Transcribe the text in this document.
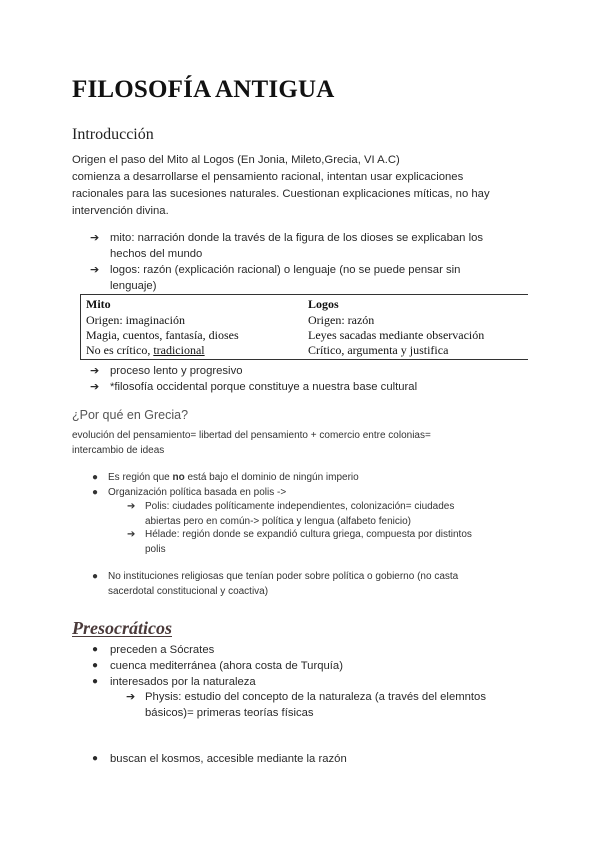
FILOSOFÍA ANTIGUA
Introducción
Origen el paso del Mito al Logos (En Jonia, Mileto,Grecia, VI A.C)
comienza a desarrollarse el pensamiento racional, intentan usar explicaciones
racionales para las sucesiones naturales. Cuestionan explicaciones míticas, no hay
intervención divina.
➔ mito: narración donde la través de la figura de los dioses se explicaban los
hechos del mundo
➔ logos: razón (explicación racional) o lenguaje (no se puede pensar sin
lenguaje)
Mito	Logos
Origen: imaginación	Origen: razón
Magia, cuentos, fantasía, dioses	Leyes sacadas mediante observación
No es crítico, tradicional	Crítico, argumenta y justifica
➔ proceso lento y progresivo
➔ *filosofía occidental porque constituye a nuestra base cultural
¿Por qué en Grecia?
evolución del pensamiento= libertad del pensamiento + comercio entre colonias=
intercambio de ideas
● Es región que no está bajo el dominio de ningún imperio
● Organización política basada en polis ->
➔ Polis: ciudades políticamente independientes, colonización= ciudades
abiertas pero en común-> política y lengua (alfabeto fenicio)
➔ Hélade: región donde se expandió cultura griega, compuesta por distintos
polis
● No instituciones religiosas que tenían poder sobre política o gobierno (no casta
sacerdotal constitucional y coactiva)
Presocráticos
● preceden a Sócrates
● cuenca mediterránea (ahora costa de Turquía)
● interesados por la naturaleza
➔ Physis: estudio del concepto de la naturaleza (a través del elemntos
básicos)= primeras teorías físicas
● buscan el kosmos, accesible mediante la razón
